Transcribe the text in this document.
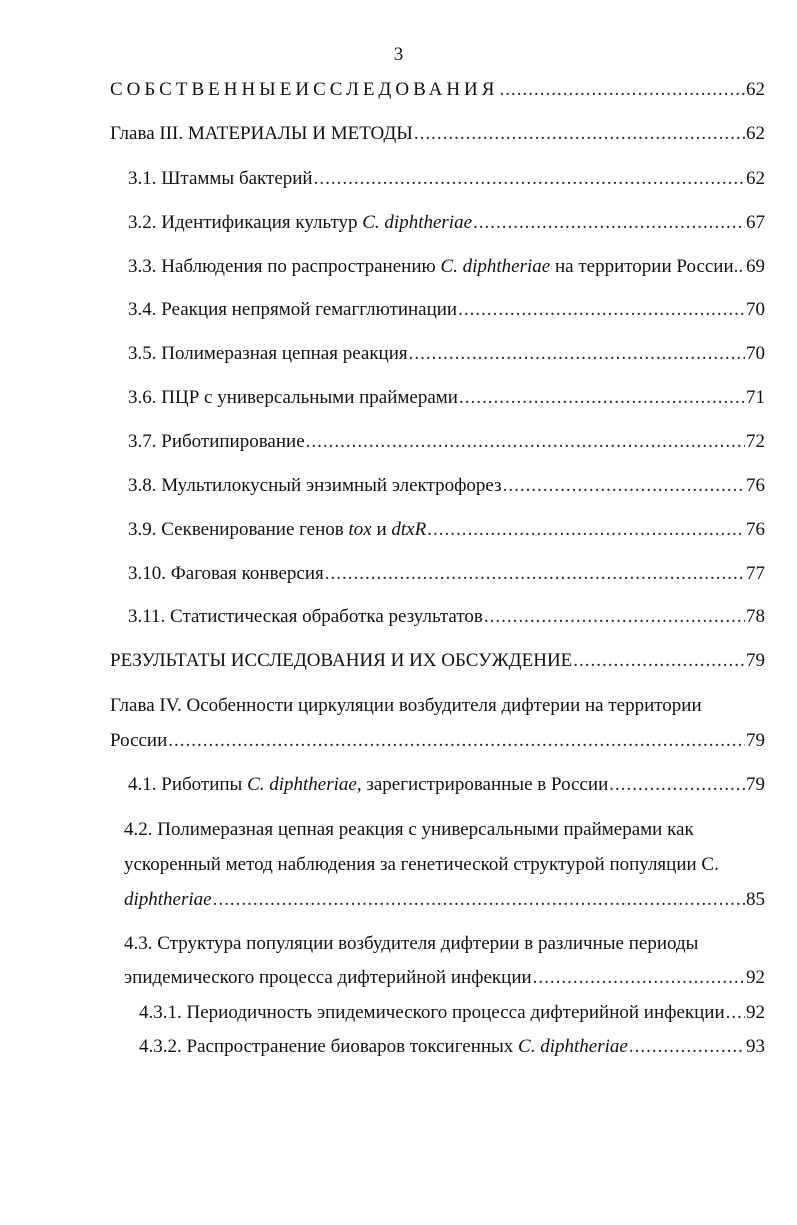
3
СОБСТВЕННЫЕИССЛЕДОВАНИЯ .....	62
Глава III. МАТЕРИАЛЫ И МЕТОДЫ .....	62
3.1. Штаммы бактерий .....	62
3.2. Идентификация культур C. diphtheriae .....	67
3.3. Наблюдения по распространению C. diphtheriae на территории России ..... 69
3.4. Реакция непрямой гемагглютинации .....	70
3.5. Полимеразная цепная реакция .....	70
3.6. ПЦР с универсальными праймерами .....	71
3.7. Риботипирование .....	72
3.8. Мультилокусный энзимный электрофорез .....	76
3.9. Секвенирование генов tox и dtxR .....	76
3.10. Фаговая конверсия .....	77
3.11. Статистическая обработка результатов .....	78
РЕЗУЛЬТАТЫ ИССЛЕДОВАНИЯ И ИХ ОБСУЖДЕНИЕ .....	79
Глава IV. Особенности циркуляции возбудителя дифтерии на территории
России .....	79
4.1. Риботипы C. diphtheriae, зарегистрированные в России .....	79
4.2. Полимеразная цепная реакция с универсальными праймерами как
ускоренный метод наблюдения за генетической структурой популяции C.
diphtheriae .....	85
4.3. Структура популяции возбудителя дифтерии в различные периоды
эпидемического процесса дифтерийной инфекции .....	92
4.3.1. Периодичность эпидемического процесса дифтерийной инфекции ..... 92
4.3.2. Распространение биоваров токсигенных C. diphtheriae .....	93
